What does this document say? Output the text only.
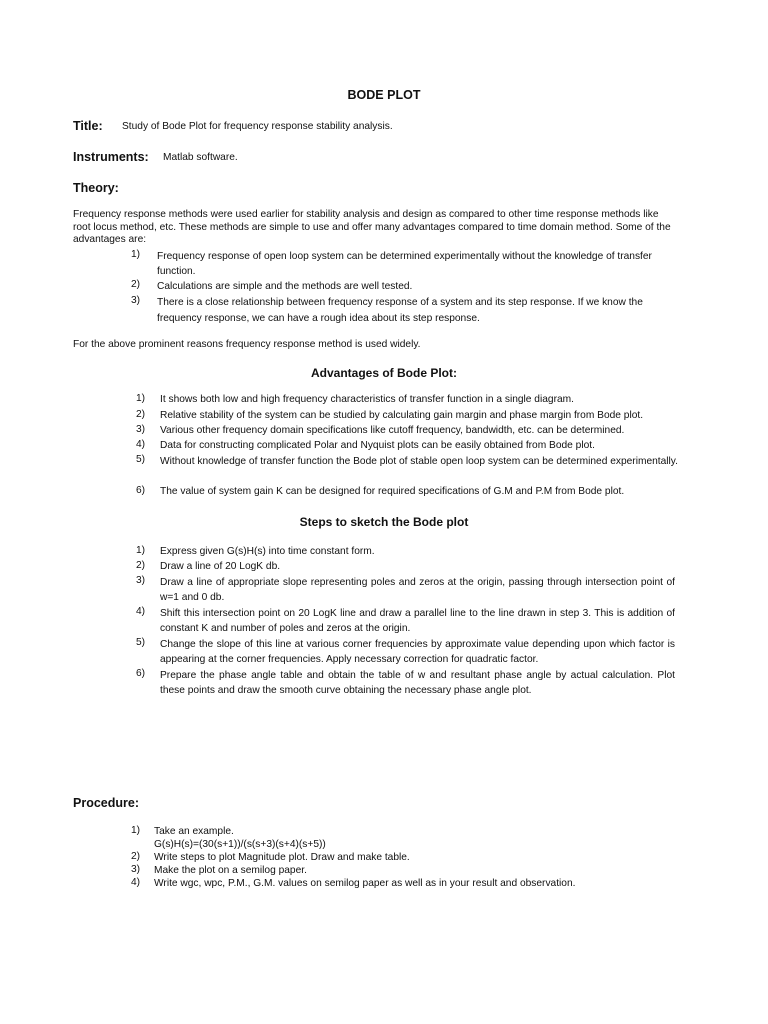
BODE PLOT
Title: Study of Bode Plot for frequency response stability analysis.
Instruments: Matlab software.
Theory:
Frequency response methods were used earlier for stability analysis and design as compared to other time response methods like root locus method, etc. These methods are simple to use and offer many advantages compared to time domain method. Some of the advantages are:
1) Frequency response of open loop system can be determined experimentally without the knowledge of transfer function.
2) Calculations are simple and the methods are well tested.
3) There is a close relationship between frequency response of a system and its step response. If we know the frequency response, we can have a rough idea about its step response.
For the above prominent reasons frequency response method is used widely.
Advantages of Bode Plot:
1) It shows both low and high frequency characteristics of transfer function in a single diagram.
2) Relative stability of the system can be studied by calculating gain margin and phase margin from Bode plot.
3) Various other frequency domain specifications like cutoff frequency, bandwidth, etc. can be determined.
4) Data for constructing complicated Polar and Nyquist plots can be easily obtained from Bode plot.
5) Without knowledge of transfer function the Bode plot of stable open loop system can be determined experimentally.
6) The value of system gain K can be designed for required specifications of G.M and P.M from Bode plot.
Steps to sketch the Bode plot
1) Express given G(s)H(s) into time constant form.
2) Draw a line of 20 LogK db.
3) Draw a line of appropriate slope representing poles and zeros at the origin, passing through intersection point of w=1 and 0 db.
4) Shift this intersection point on 20 LogK line and draw a parallel line to the line drawn in step 3. This is addition of constant K and number of poles and zeros at the origin.
5) Change the slope of this line at various corner frequencies by approximate value depending upon which factor is appearing at the corner frequencies. Apply necessary correction for quadratic factor.
6) Prepare the phase angle table and obtain the table of w and resultant phase angle by actual calculation. Plot these points and draw the smooth curve obtaining the necessary phase angle plot.
Procedure:
1) Take an example.
G(s)H(s)=(30(s+1))/(s(s+3)(s+4)(s+5))
2) Write steps to plot Magnitude plot. Draw and make table.
3) Make the plot on a semilog paper.
4) Write wgc, wpc, P.M., G.M. values on semilog paper as well as in your result and observation.
